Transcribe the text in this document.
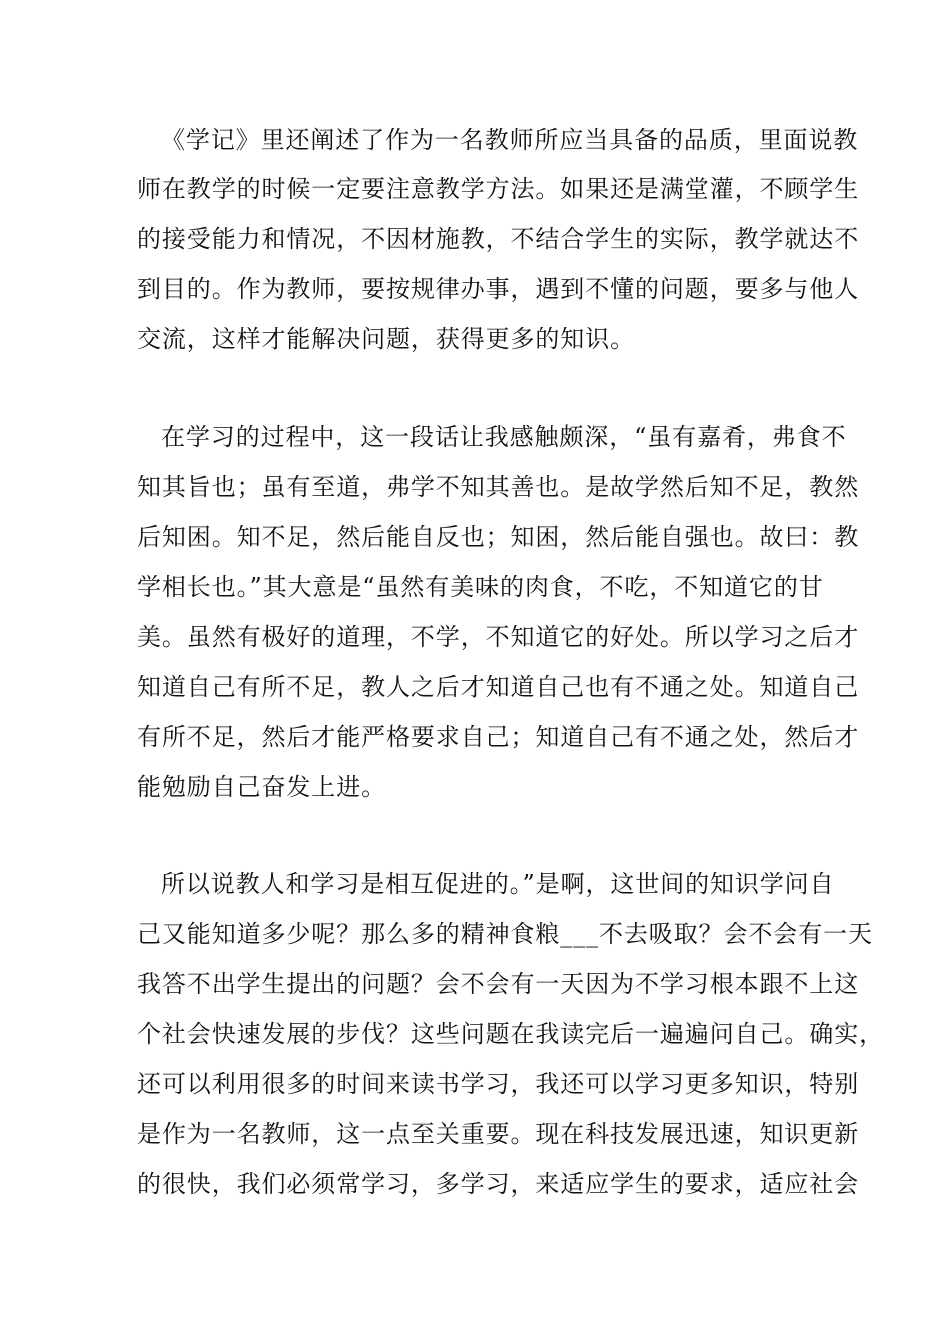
《学记》里还阐述了作为一名教师所应当具备的品质，里面说教
师在教学的时候一定要注意教学方法。如果还是满堂灌，不顾学生
的接受能力和情况，不因材施教，不结合学生的实际，教学就达不
到目的。作为教师，要按规律办事，遇到不懂的问题，要多与他人
交流，这样才能解决问题，获得更多的知识。
在学习的过程中，这一段话让我感触颇深，“虽有嘉肴，弗食不
知其旨也；虽有至道，弗学不知其善也。是故学然后知不足，教然
后知困。知不足，然后能自反也；知困，然后能自强也。故曰：教
学相长也。”其大意是“虽然有美味的肉食，不吃，不知道它的甘
美。虽然有极好的道理，不学，不知道它的好处。所以学习之后才
知道自己有所不足，教人之后才知道自己也有不通之处。知道自己
有所不足，然后才能严格要求自己；知道自己有不通之处，然后才
能勉励自己奋发上进。
所以说教人和学习是相互促进的。”是啊，这世间的知识学问自
己又能知道多少呢？那么多的精神食粮___不去吸取？会不会有一天
我答不出学生提出的问题？会不会有一天因为不学习根本跟不上这
个社会快速发展的步伐？这些问题在我读完后一遍遍问自己。确实，
还可以利用很多的时间来读书学习，我还可以学习更多知识，特别
是作为一名教师，这一点至关重要。现在科技发展迅速，知识更新
的很快，我们必须常学习，多学习，来适应学生的要求，适应社会
